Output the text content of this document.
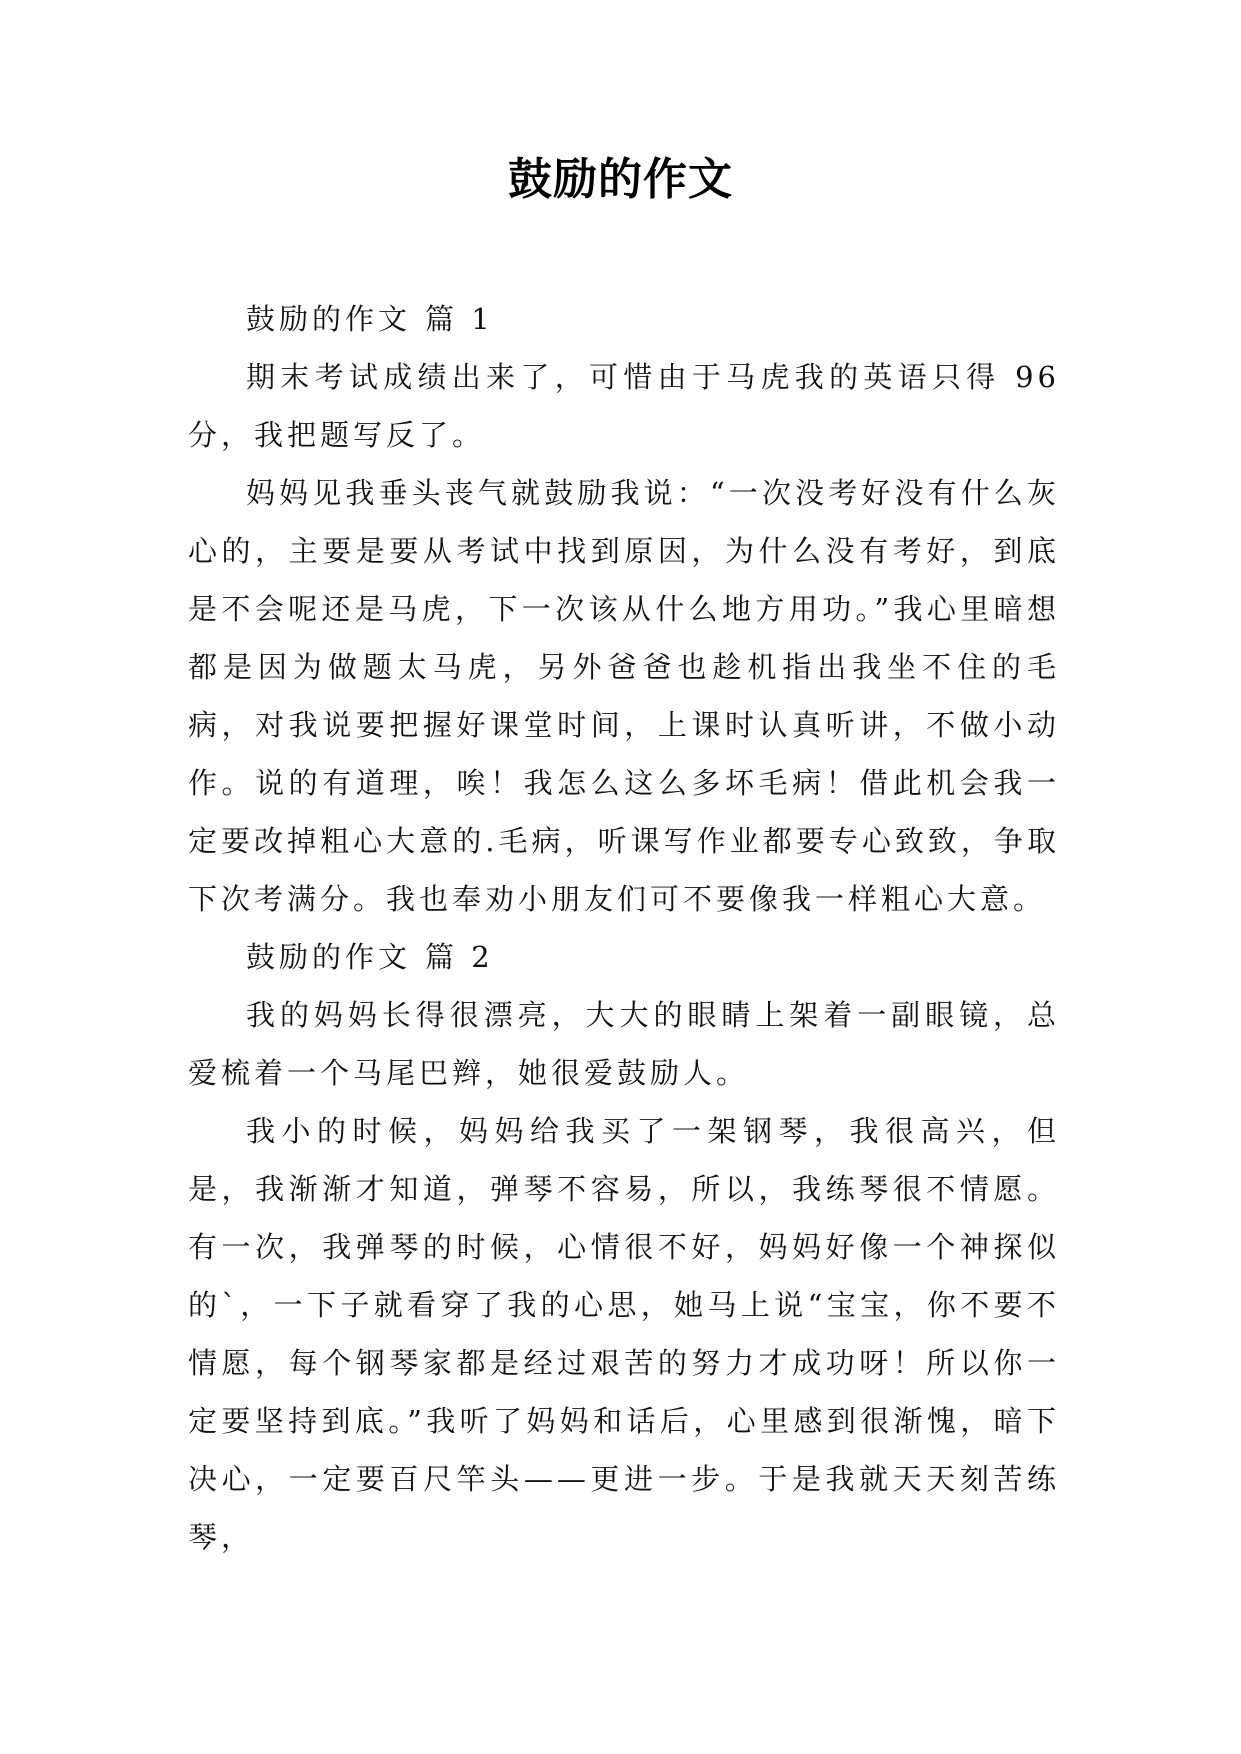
鼓励的作文

鼓励的作文 篇 1

期末考试成绩出来了，可惜由于马虎我的英语只得 96 分，我把题写反了。

妈妈见我垂头丧气就鼓励我说：“一次没考好没有什么灰心的，主要是要从考试中找到原因，为什么没有考好，到底是不会呢还是马虎，下一次该从什么地方用功。”我心里暗想都是因为做题太马虎，另外爸爸也趁机指出我坐不住的毛病，对我说要把握好课堂时间，上课时认真听讲，不做小动作。说的有道理，唉！我怎么这么多坏毛病！借此机会我一定要改掉粗心大意的.毛病，听课写作业都要专心致致，争取下次考满分。我也奉劝小朋友们可不要像我一样粗心大意。

鼓励的作文 篇 2

我的妈妈长得很漂亮，大大的眼睛上架着一副眼镜，总爱梳着一个马尾巴辫，她很爱鼓励人。

我小的时候，妈妈给我买了一架钢琴，我很高兴，但是，我渐渐才知道，弹琴不容易，所以，我练琴很不情愿。有一次，我弹琴的时候，心情很不好，妈妈好像一个神探似的`，一下子就看穿了我的心思，她马上说“宝宝，你不要不情愿，每个钢琴家都是经过艰苦的努力才成功呀！所以你一定要坚持到底。”我听了妈妈和话后，心里感到很渐愧，暗下决心，一定要百尺竿头——更进一步。于是我就天天刻苦练琴，
